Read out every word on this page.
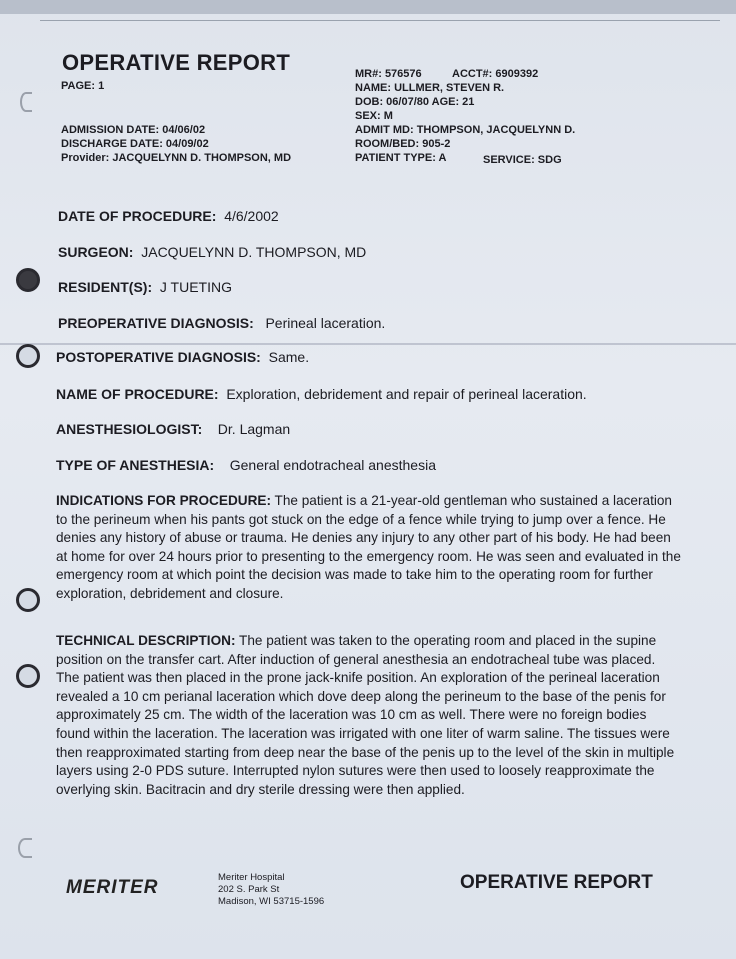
OPERATIVE REPORT
PAGE: 1
MR#: 576576	ACCT#: 6909392
NAME: ULLMER, STEVEN R.
DOB: 06/07/80 AGE: 21
SEX: M
ADMIT MD: THOMPSON, JACQUELYNN D.
ROOM/BED: 905-2
PATIENT TYPE: A	SERVICE: SDG
ADMISSION DATE: 04/06/02
DISCHARGE DATE: 04/09/02
Provider: JACQUELYNN D. THOMPSON, MD
DATE OF PROCEDURE: 4/6/2002
SURGEON: JACQUELYNN D. THOMPSON, MD
RESIDENT(S): J TUETING
PREOPERATIVE DIAGNOSIS: Perineal laceration.
POSTOPERATIVE DIAGNOSIS: Same.
NAME OF PROCEDURE: Exploration, debridement and repair of perineal laceration.
ANESTHESIOLOGIST: Dr. Lagman
TYPE OF ANESTHESIA: General endotracheal anesthesia
INDICATIONS FOR PROCEDURE: The patient is a 21-year-old gentleman who sustained a laceration to the perineum when his pants got stuck on the edge of a fence while trying to jump over a fence. He denies any history of abuse or trauma. He denies any injury to any other part of his body. He had been at home for over 24 hours prior to presenting to the emergency room. He was seen and evaluated in the emergency room at which point the decision was made to take him to the operating room for further exploration, debridement and closure.
TECHNICAL DESCRIPTION: The patient was taken to the operating room and placed in the supine position on the transfer cart. After induction of general anesthesia an endotracheal tube was placed. The patient was then placed in the prone jack-knife position. An exploration of the perineal laceration revealed a 10 cm perianal laceration which dove deep along the perineum to the base of the penis for approximately 25 cm. The width of the laceration was 10 cm as well. There were no foreign bodies found within the laceration. The laceration was irrigated with one liter of warm saline. The tissues were then reapproximated starting from deep near the base of the penis up to the level of the skin in multiple layers using 2-0 PDS suture. Interrupted nylon sutures were then used to loosely reapproximate the overlying skin. Bacitracin and dry sterile dressing were then applied.
MERITER	Meriter Hospital
202 S. Park St
Madison, WI 53715-1596
OPERATIVE REPORT
